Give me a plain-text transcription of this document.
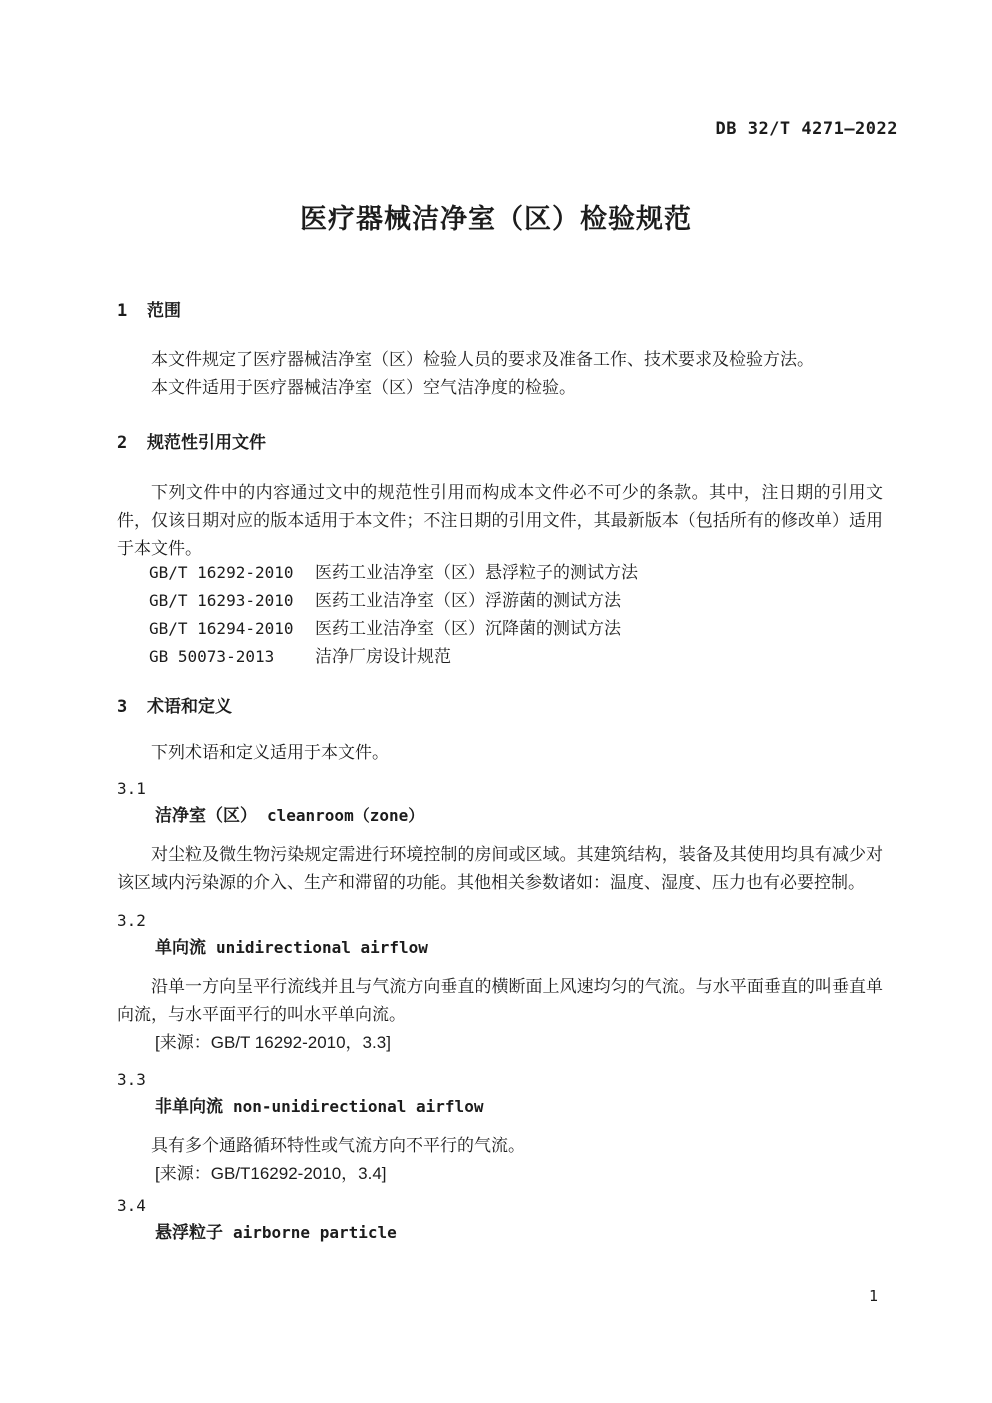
DB 32/T 4271—2022
医疗器械洁净室（区）检验规范
1 范围

本文件规定了医疗器械洁净室（区）检验人员的要求及准备工作、技术要求及检验方法。

本文件适用于医疗器械洁净室（区）空气洁净度的检验。

2 规范性引用文件

下列文件中的内容通过文中的规范性引用而构成本文件必不可少的条款。其中，注日期的引用文件，仅该日期对应的版本适用于本文件；不注日期的引用文件，其最新版本（包括所有的修改单）适用于本文件。

GB/T 16292-2010 医药工业洁净室（区）悬浮粒子的测试方法
GB/T 16293-2010 医药工业洁净室（区）浮游菌的测试方法
GB/T 16294-2010 医药工业洁净室（区）沉降菌的测试方法
GB 50073-2013 洁净厂房设计规范
3 术语和定义

下列术语和定义适用于本文件。

3.1
洁净室（区） cleanroom（zone）
对尘粒及微生物污染规定需进行环境控制的房间或区域。其建筑结构，装备及其使用均具有减少对该区域内污染源的介入、生产和滞留的功能。其他相关参数诸如：温度、湿度、压力也有必要控制。
3.2
单向流 unidirectional airflow
沿单一方向呈平行流线并且与气流方向垂直的横断面上风速均匀的气流。与水平面垂直的叫垂直单向流，与水平面平行的叫水平单向流。
[来源：GB/T 16292-2010，3.3]
3.3
非单向流 non-unidirectional airflow
具有多个通路循环特性或气流方向不平行的气流。
[来源：GB/T16292-2010，3.4]
3.4
悬浮粒子 airborne particle
1
